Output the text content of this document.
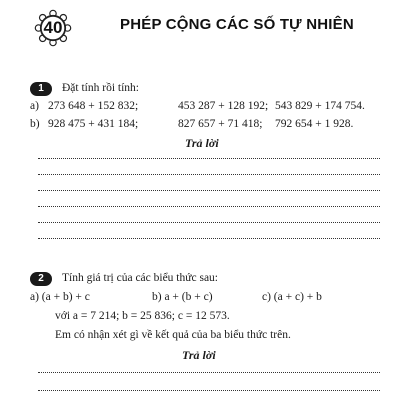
40	PHÉP CỘNG CÁC SỐ TỰ NHIÊN
1	Đặt tính rồi tính:
a) 273 648 + 152 832;	453 287 + 128 192; 543 829 + 174 754.
b) 928 475 + 431 184;	827 657 + 71 418; 792 654 + 1 928.
Trả lời
2	Tính giá trị của các biểu thức sau:
a) (a + b) + c	b) a + (b + c)	c) (a + c) + b
với a = 7 214; b = 25 836; c = 12 573.
Em có nhận xét gì về kết quả của ba biểu thức trên.
Trả lời
